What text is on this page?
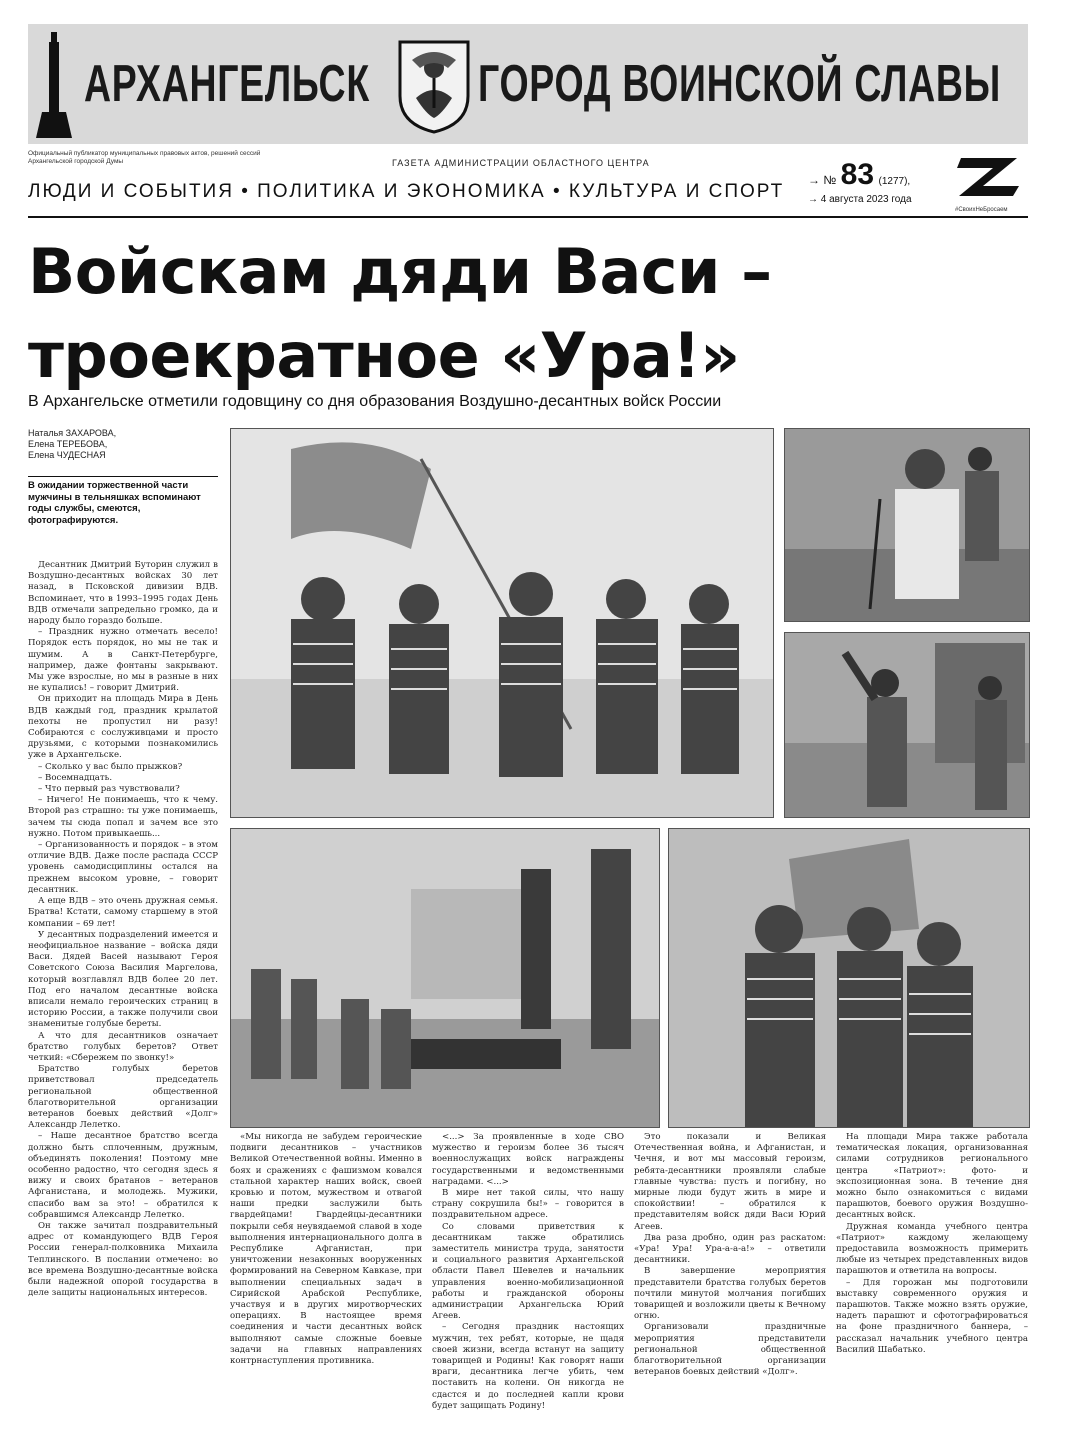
АРХАНГЕЛЬСК ГОРОД ВОИНСКОЙ СЛАВЫ
Официальный публикатор муниципальных правовых актов, решений сессий Архангельской городской Думы	ГАЗЕТА АДМИНИСТРАЦИИ ОБЛАСТНОГО ЦЕНТРА
ЛЮДИ И СОБЫТИЯ • ПОЛИТИКА И ЭКОНОМИКА • КУЛЬТУРА И СПОРТ
→ № 83 (1277),
→ 4 августа 2023 года
#СвоихНеБросаем
Войскам дяди Васи –
троекратное «Ура!»
В Архангельске отметили годовщину со дня образования Воздушно-десантных войск России
Наталья ЗАХАРОВА,
Елена ТЕРЕБОВА,
Елена ЧУДЕСНАЯ
В ожидании торжественной части мужчины в тельняшках вспоминают годы службы, смеются, фотографируются.

Десантник Дмитрий Буторин служил в Воздушно-десантных войсках 30 лет назад, в Псковской дивизии ВДВ. Вспоминает, что в 1993–1995 годах День ВДВ отмечали запредельно громко, да и народу было гораздо больше.

– Праздник нужно отмечать весело! Порядок есть порядок, но мы не так и шумим. А в Санкт-Петербурге, например, даже фонтаны закрывают. Мы уже взрослые, но мы в разные в них не купались! – говорит Дмитрий.

Он приходит на площадь Мира в День ВДВ каждый год, праздник крылатой пехоты не пропустил ни разу! Собираются с сослуживцами и просто друзьями, с которыми познакомились уже в Архангельске.

– Сколько у вас было прыжков?

– Восемнадцать.

– Что первый раз чувствовали?

– Ничего! Не понимаешь, что к чему. Второй раз страшно: ты уже понимаешь, зачем ты сюда попал и зачем все это нужно. Потом привыкаешь...

– Организованность и порядок – в этом отличие ВДВ. Даже после распада СССР уровень самодисциплины остался на прежнем высоком уровне, – говорит десантник.

А еще ВДВ – это очень дружная семья. Братва! Кстати, самому старшему в этой компании – 69 лет!

У десантных подразделений имеется и неофициальное название – войска дяди Васи. Дядей Васей называют Героя Советского Союза Василия Маргелова, который возглавлял ВДВ более 20 лет. Под его началом десантные войска вписали немало героических страниц в историю России, а также получили свои знаменитые голубые береты.

А что для десантников означает братство голубых беретов? Ответ четкий: «Сбережем по звонку!»

Братство голубых беретов приветствовал председатель региональной общественной благотворительной организации ветеранов боевых действий «Долг» Александр Лелетко.

– Наше десантное братство всегда должно быть сплоченным, дружным, объединять поколения! Поэтому мне особенно радостно, что сегодня здесь я вижу и своих братанов – ветеранов Афганистана, и молодежь. Мужики, спасибо вам за это! – обратился к собравшимся Александр Лелетко.

Он также зачитал поздравительный адрес от командующего ВДВ Героя России генерал-полковника Михаила Теплинского. В послании отмечено: во все времена Воздушно-десантные войска были надежной опорой государства в деле защиты национальных интересов.

«Мы никогда не забудем героические подвиги десантников – участников Великой Отечественной войны. Именно в боях и сражениях с фашизмом ковался стальной характер наших войск, своей кровью и потом, мужеством и отвагой наши предки заслужили быть гвардейцами! Гвардейцы-десантники покрыли себя неувядаемой славой в ходе выполнения интернационального долга в Республике Афганистан, при уничтожении незаконных вооруженных формирований на Северном Кавказе, при выполнении специальных задач в Сирийской Арабской Республике, участвуя и в других миротворческих операциях. В настоящее время соединения и части десантных войск выполняют самые сложные боевые задачи на главных направлениях контрнаступления противника.

<...> За проявленные в ходе СВО мужество и героизм более 36 тысяч военнослужащих войск награждены государственными и ведомственными наградами. <...>

В мире нет такой силы, что нашу страну сокрушила бы!» – говорится в поздравительном адресе.

Со словами приветствия к десантникам также обратились заместитель министра труда, занятости и социального развития Архангельской области Павел Шевелев и начальник управления военно-мобилизационной работы и гражданской обороны администрации Архангельска Юрий Агеев.

– Сегодня праздник настоящих мужчин, тех ребят, которые, не щадя своей жизни, всегда встанут на защиту товарищей и Родины! Как говорят наши враги, десантника легче убить, чем поставить на колени. Он никогда не сдастся и до последней капли крови будет защищать Родину!

Это показали и Великая Отечественная война, и Афганистан, и Чечня, и вот мы массовый героизм, ребята-десантники проявляли слабые главные чувства: пусть и погибну, но мирные люди будут жить в мире и спокойствии! – обратился к представителям войск дяди Васи Юрий Агеев.

Два раза дробно, один раз раскатом: «Ура! Ура! Ура-а-а-а!» – ответили десантники.

В завершение мероприятия представители братства голубых беретов почтили минутой молчания погибших товарищей и возложили цветы к Вечному огню.

Организовали праздничные мероприятия представители региональной общественной благотворительной организации ветеранов боевых действий «Долг».

На площади Мира также работала тематическая локация, организованная силами сотрудников регионального центра «Патриот»: фото- и экспозиционная зона. В течение дня можно было ознакомиться с видами парашютов, боевого оружия Воздушно-десантных войск.

Дружная команда учебного центра «Патриот» каждому желающему предоставила возможность примерить любые из четырех представленных видов парашютов и ответила на вопросы.

– Для горожан мы подготовили выставку современного оружия и парашютов. Также можно взять оружие, надеть парашют и сфотографироваться на фоне праздничного баннера, – рассказал начальник учебного центра Василий Шабатько.
